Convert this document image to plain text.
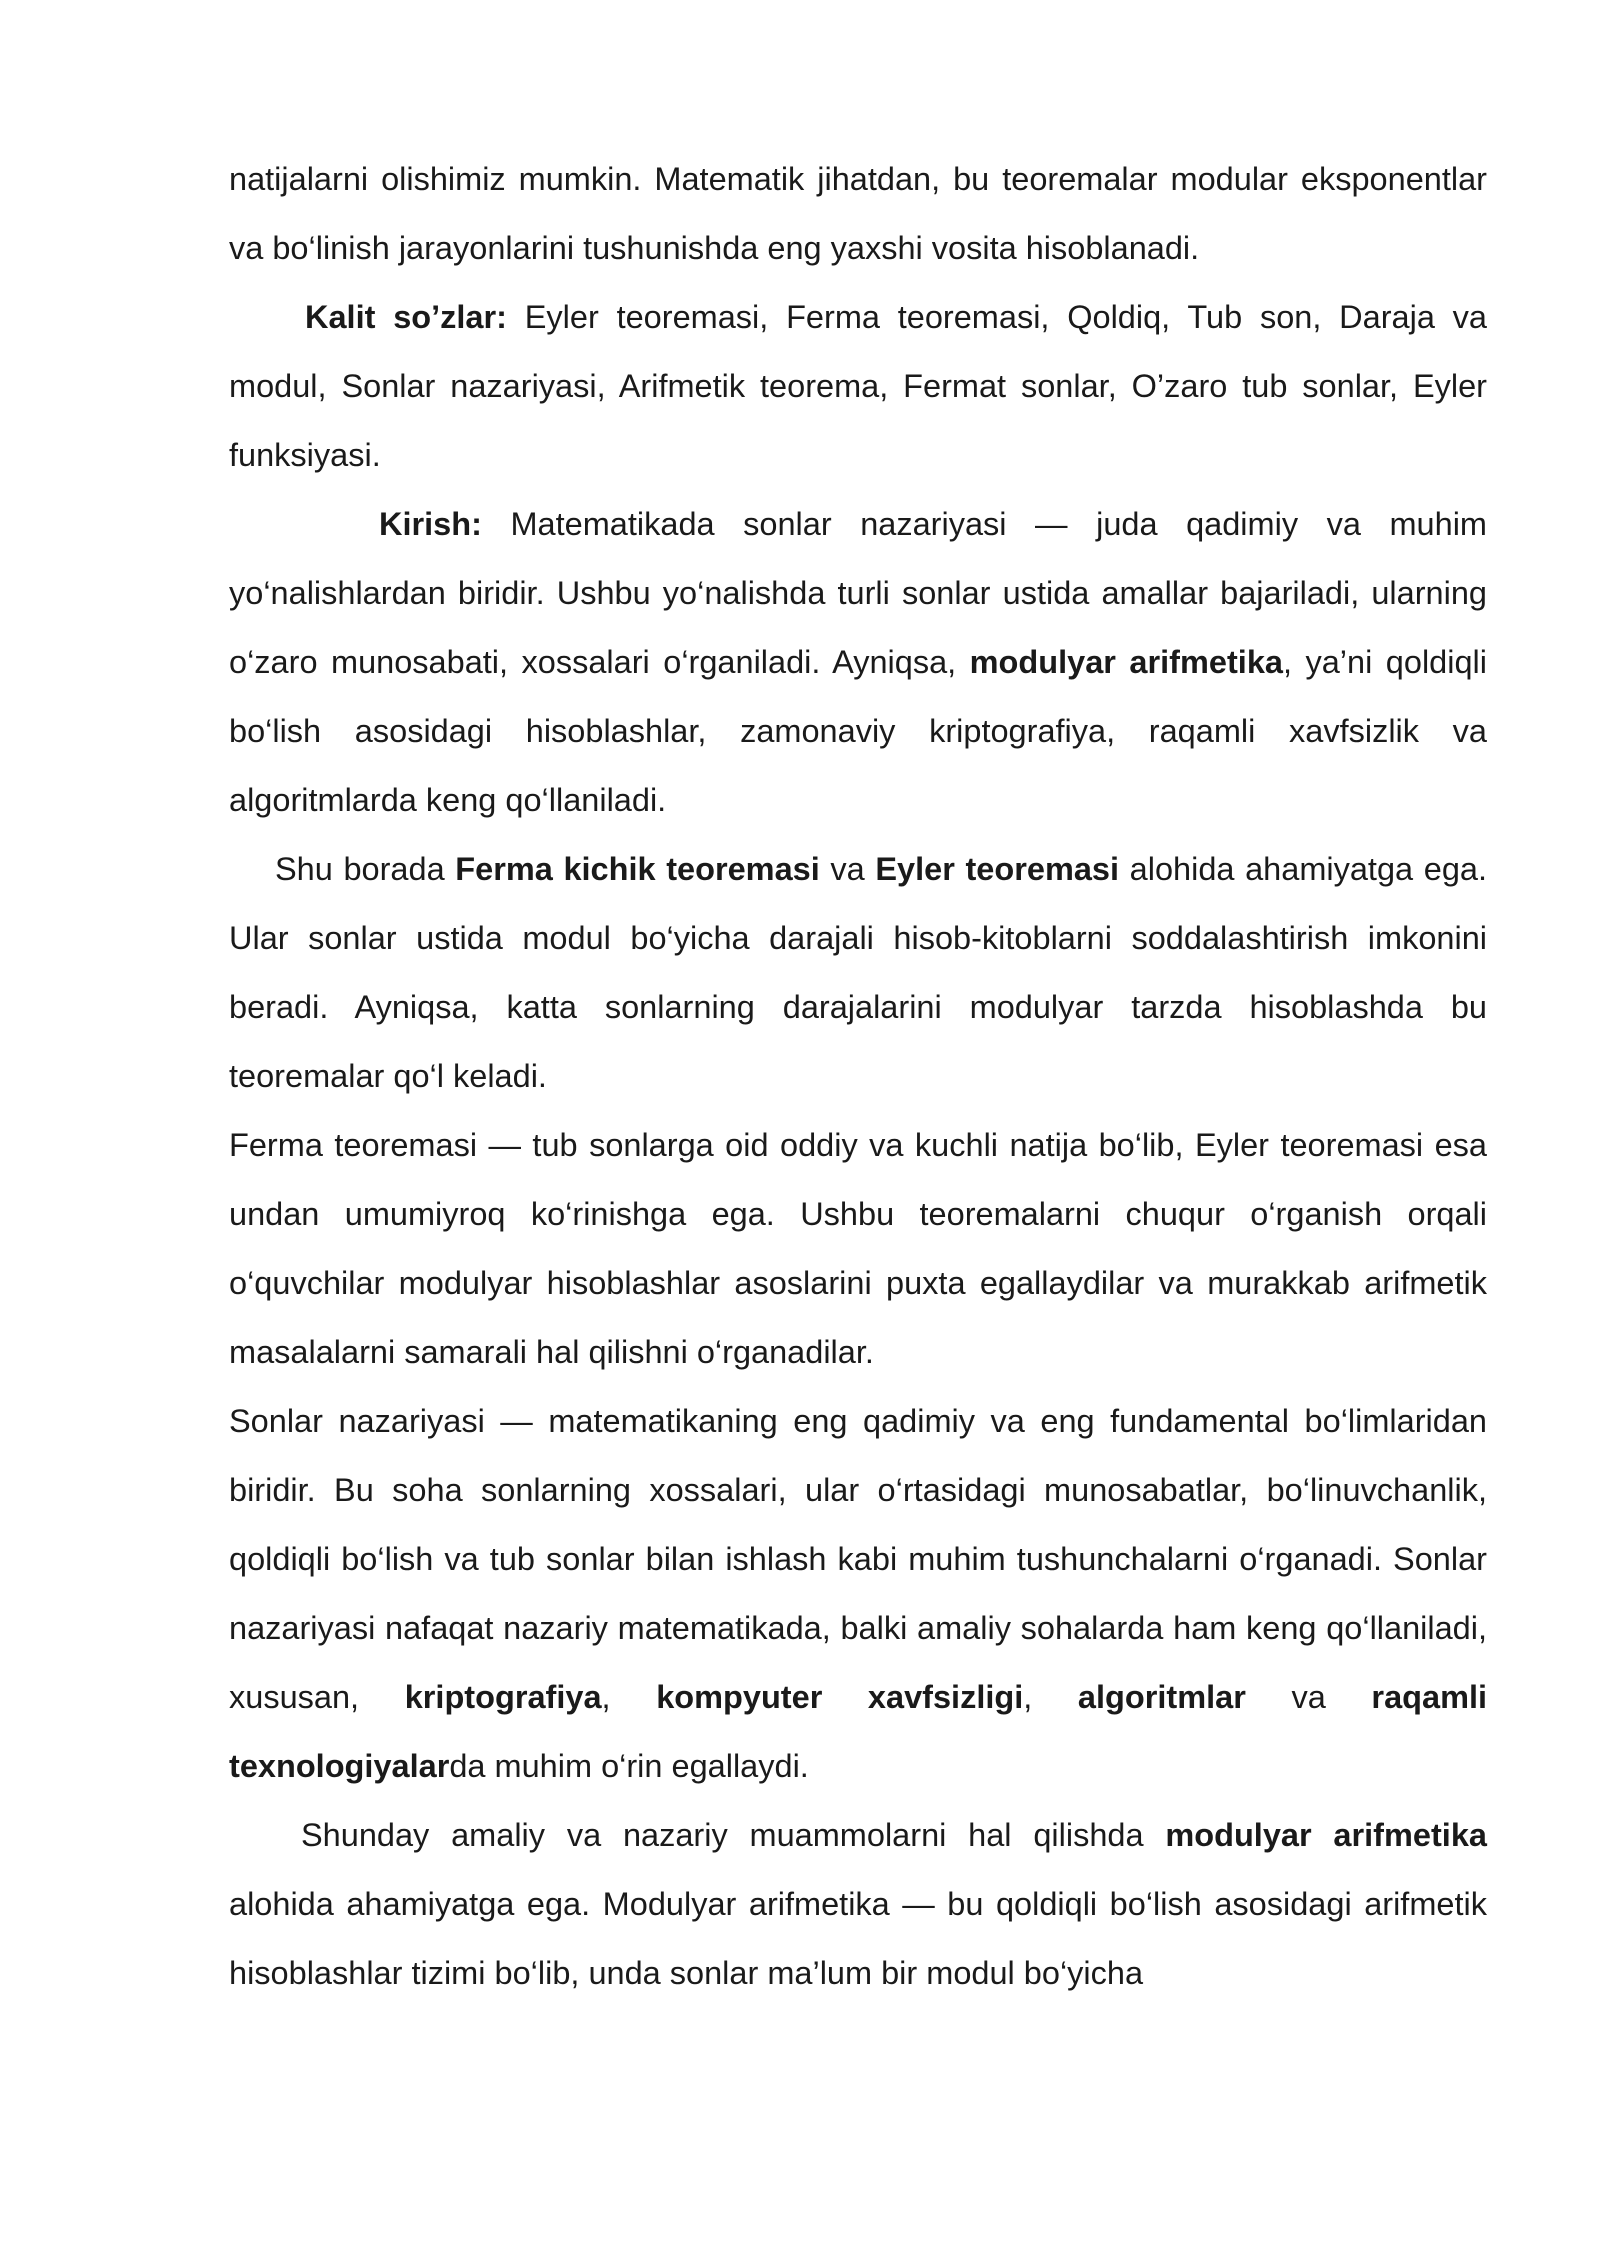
natijalarni olishimiz mumkin. Matematik jihatdan, bu teoremalar modular eksponentlar va bo‘linish jarayonlarini tushunishda eng yaxshi vosita hisoblanadi.

Kalit so’zlar: Eyler teoremasi, Ferma teoremasi, Qoldiq, Tub son, Daraja va modul, Sonlar nazariyasi, Arifmetik teorema, Fermat sonlar, O’zaro tub sonlar, Eyler funksiyasi.

Kirish: Matematikada sonlar nazariyasi — juda qadimiy va muhim yo‘nalishlardan biridir. Ushbu yo‘nalishda turli sonlar ustida amallar bajariladi, ularning o‘zaro munosabati, xossalari o‘rganiladi. Ayniqsa, modulyar arifmetika, ya’ni qoldiqli bo‘lish asosidagi hisoblashlar, zamonaviy kriptografiya, raqamli xavfsizlik va algoritmlarda keng qo‘llaniladi.

Shu borada Ferma kichik teoremasi va Eyler teoremasi alohida ahamiyatga ega. Ular sonlar ustida modul bo‘yicha darajali hisob-kitoblarni soddalashtirish imkonini beradi. Ayniqsa, katta sonlarning darajalarini modulyar tarzda hisoblashda bu teoremalar qo‘l keladi.

Ferma teoremasi — tub sonlarga oid oddiy va kuchli natija bo‘lib, Eyler teoremasi esa undan umumiyroq ko‘rinishga ega. Ushbu teoremalarni chuqur o‘rganish orqali o‘quvchilar modulyar hisoblashlar asoslarini puxta egallaydilar va murakkab arifmetik masalalarni samarali hal qilishni o‘rganadilar.

Sonlar nazariyasi — matematikaning eng qadimiy va eng fundamental bo‘limlaridan biridir. Bu soha sonlarning xossalari, ular o‘rtasidagi munosabatlar, bo‘linuvchanlik, qoldiqli bo‘lish va tub sonlar bilan ishlash kabi muhim tushunchalarni o‘rganadi. Sonlar nazariyasi nafaqat nazariy matematikada, balki amaliy sohalarda ham keng qo‘llaniladi, xususan, kriptografiya, kompyuter xavfsizligi, algoritmlar va raqamli texnologiyalarda muhim o‘rin egallaydi.

Shunday amaliy va nazariy muammolarni hal qilishda modulyar arifmetika alohida ahamiyatga ega. Modulyar arifmetika — bu qoldiqli bo‘lish asosidagi arifmetik hisoblashlar tizimi bo‘lib, unda sonlar ma’lum bir modul bo‘yicha
